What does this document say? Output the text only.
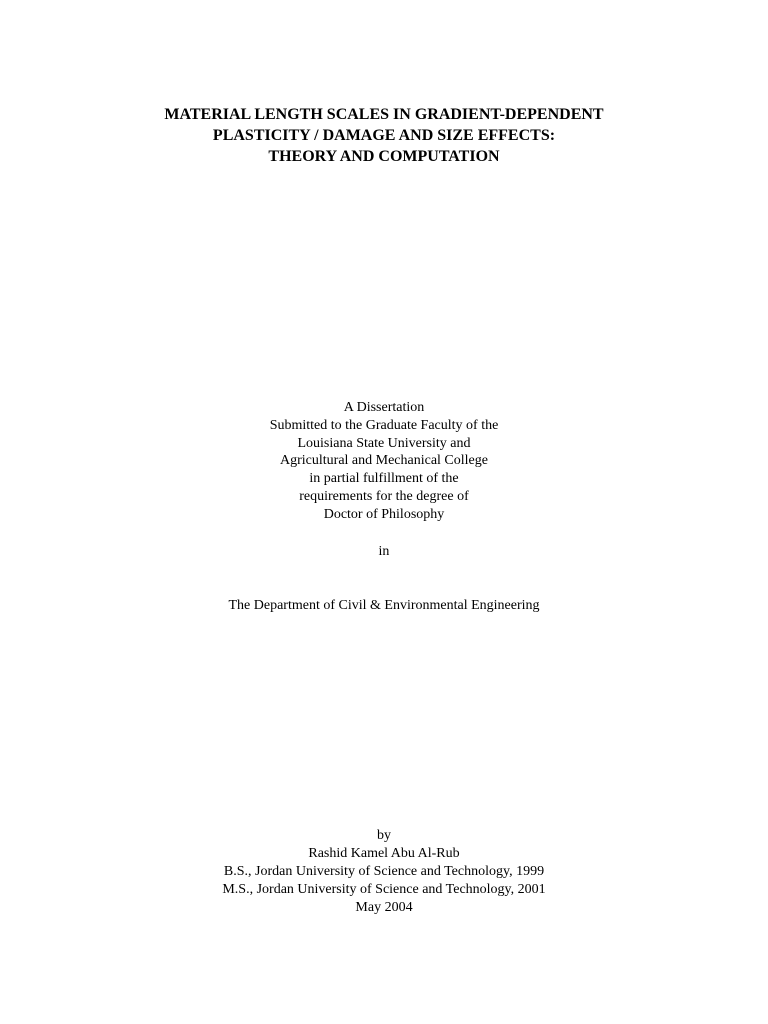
MATERIAL LENGTH SCALES IN GRADIENT-DEPENDENT
PLASTICITY / DAMAGE AND SIZE EFFECTS:
THEORY AND COMPUTATION
A Dissertation
Submitted to the Graduate Faculty of the
Louisiana State University and
Agricultural and Mechanical College
in partial fulfillment of the
requirements for the degree of
Doctor of Philosophy
in
The Department of Civil & Environmental Engineering
by
Rashid Kamel Abu Al-Rub
B.S., Jordan University of Science and Technology, 1999
M.S., Jordan University of Science and Technology, 2001
May 2004
